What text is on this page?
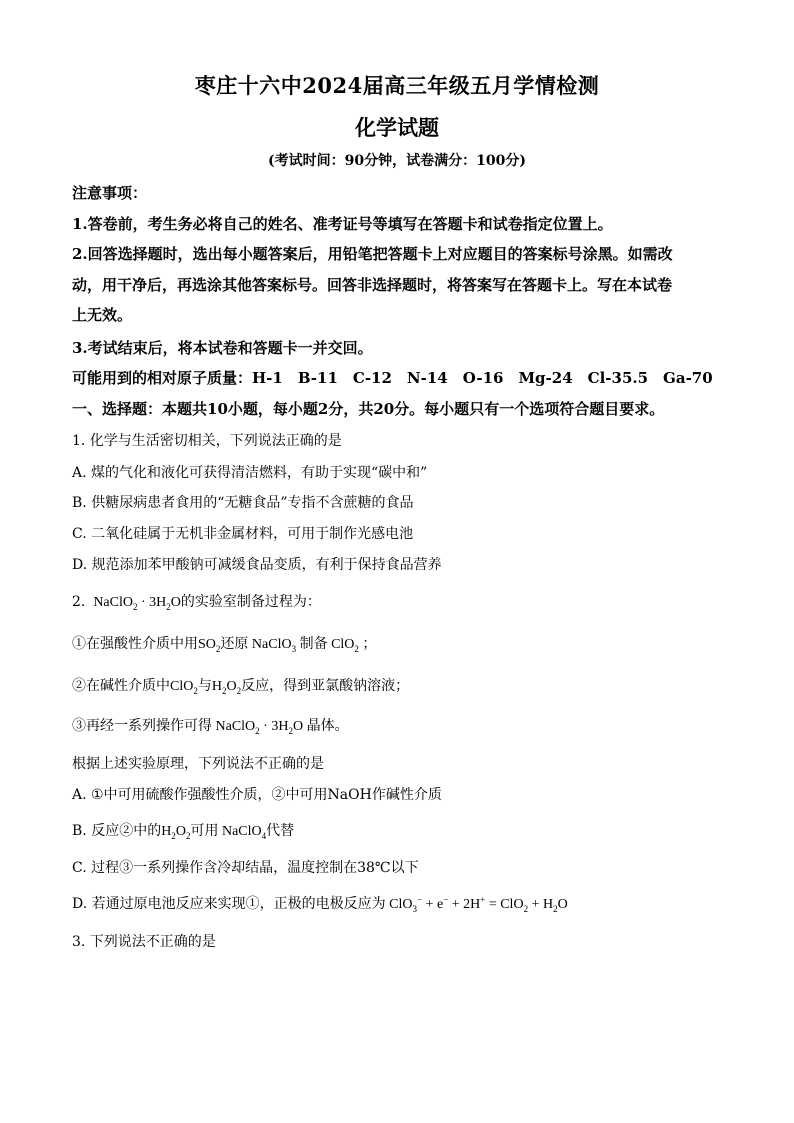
枣庄十六中2024届高三年级五月学情检测
化学试题
(考试时间：90分钟，试卷满分：100分)
注意事项：
1.答卷前，考生务必将自己的姓名、准考证号等填写在答题卡和试卷指定位置上。
2.回答选择题时，选出每小题答案后，用铅笔把答题卡上对应题目的答案标号涂黑。如需改
动，用干净后，再选涂其他答案标号。回答非选择题时，将答案写在答题卡上。写在本试卷
上无效。
3.考试结束后，将本试卷和答题卡一并交回。
可能用到的相对原子质量：H-1　B-11　C-12　N-14　O-16　Mg-24　Cl-35.5　Ga-70
一、选择题：本题共10小题，每小题2分，共20分。每小题只有一个选项符合题目要求。
1. 化学与生活密切相关，下列说法正确的是
A. 煤的气化和液化可获得清洁燃料，有助于实现“碳中和”
B. 供糖尿病患者食用的“无糖食品”专指不含蔗糖的食品
C. 二氧化硅属于无机非金属材料，可用于制作光感电池
D. 规范添加苯甲酸钠可减缓食品变质，有利于保持食品营养
2.  NaClO$_2$ · $3H_2O$的实验室制备过程为：
①在强酸性介质中用$SO_2$还原 NaClO$_3$ 制备 ClO$_2$ ；
②在碱性介质中ClO$_2$与$H_2O_2$反应，得到亚氯酸钠溶液；
③再经一系列操作可得 NaClO$_2$ · $3H_2O$ 晶体。
根据上述实验原理，下列说法不正确的是
A. ①中可用硫酸作强酸性介质，②中可用NaOH作碱性介质
B. 反应②中的$H_2O_2$可用 NaClO$_4$代替
C. 过程③一系列操作含冷却结晶，温度控制在38℃以下
D. 若通过原电池反应来实现①，正极的电极反应为 $ClO_3^- + e^- + 2H^+ = ClO_2 + H_2O$
3. 下列说法不正确的是
